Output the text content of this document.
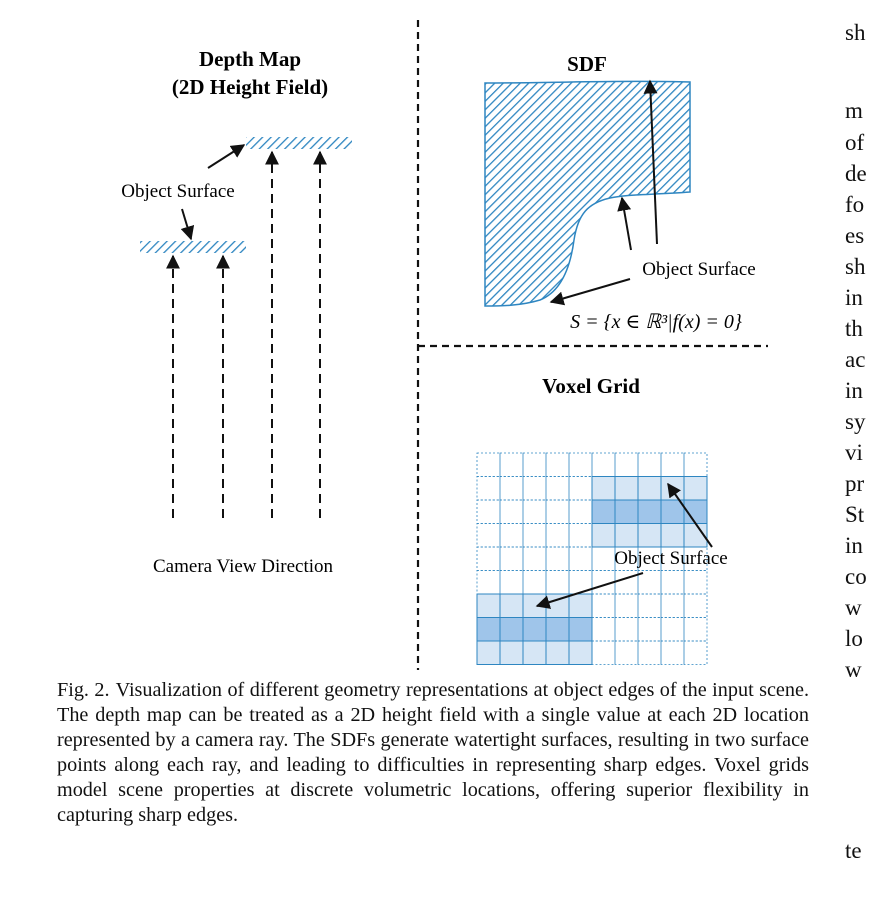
Depth Map
(2D Height Field)
Object Surface
Camera View Direction
SDF
Object Surface
S = {x ∈ ℝ³|f(x) = 0}
Voxel Grid
Object Surface
Fig. 2. Visualization of different geometry representations at object edges of the input scene. The depth map can be treated as a 2D height field with a single value at each 2D location represented by a camera ray. The SDFs generate watertight surfaces, resulting in two surface points along each ray, and leading to difficulties in representing sharp edges. Voxel grids model scene properties at discrete volumetric locations, offering superior flexibility in capturing sharp edges.
sh
m
of
de
fo
es
sh
in
th
ac
in
sy
vi
pr
St
in
co
w
lo
w
te
